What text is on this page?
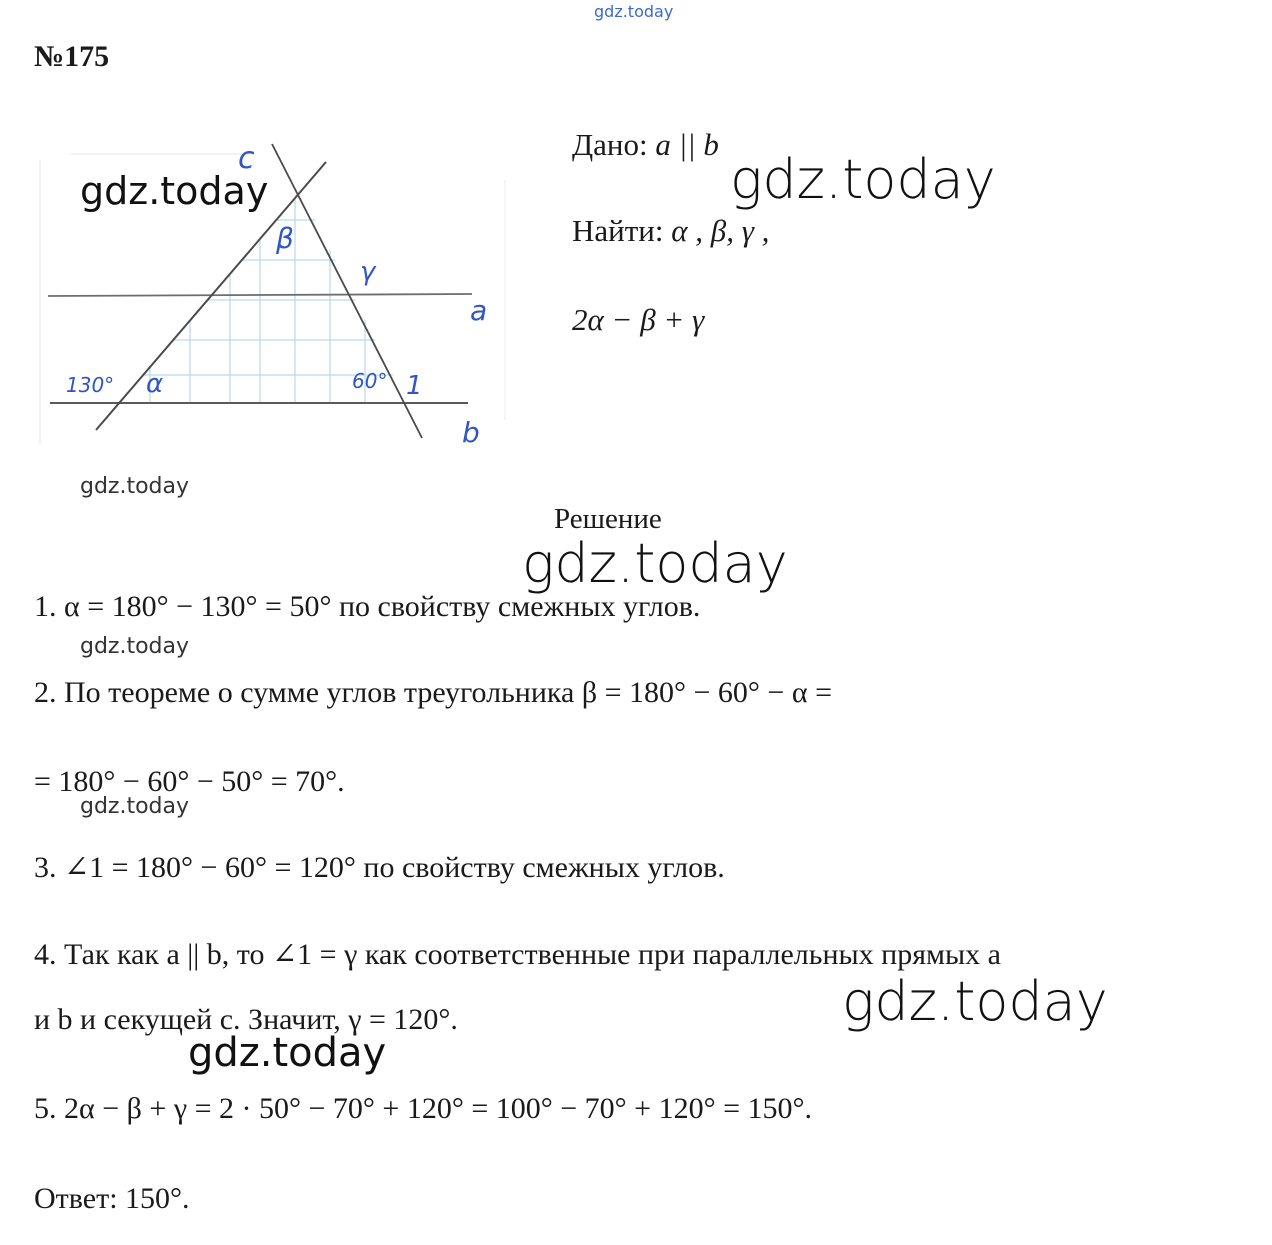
gdz.today
№175
c
β
γ
a
130° α	60° 1
b
gdz.today
gdz.today
Дано: a || b
gdz.today
Найти: α , β, γ ,
2α − β + γ
Решение
gdz.today
1. α = 180° − 130° = 50° по свойству смежных углов.
gdz.today
2. По теореме о сумме углов треугольника β = 180° − 60° − α =
= 180° − 60° − 50° = 70°.
gdz.today
3. ∠1 = 180° − 60° = 120° по свойству смежных углов.
4. Так как a || b, то ∠1 = γ как соответственные при параллельных прямых a
и b и секущей c. Значит, γ = 120°.	gdz.today
gdz.today
5. 2α − β + γ = 2 · 50° − 70° + 120° = 100° − 70° + 120° = 150°.
Ответ: 150°.
